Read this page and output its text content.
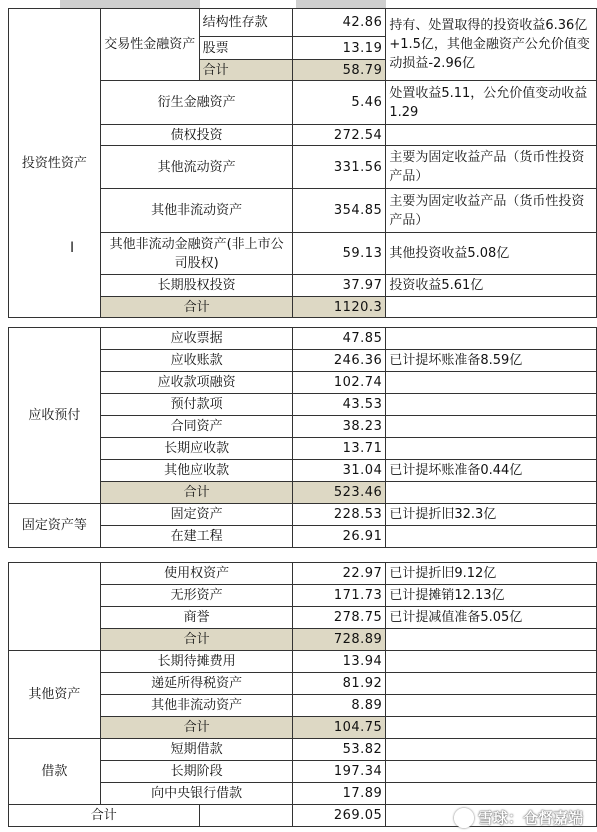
投资性资产	交易性金融资产	结构性存款	42.86	持有、处置取得的投资收益6.36亿+1.5亿，其他金融资产公允价值变动损益-2.96亿
		股票	13.19	
		合计	58.79	
	衍生金融资产		5.46	处置收益5.11，公允价值变动收益1.29
	债权投资		272.54	
	其他流动资产		331.56	主要为固定收益产品（货币性投资产品）
	其他非流动资产		354.85	主要为固定收益产品（货币性投资产品）
	其他非流动金融资产(非上市公司股权)		59.13	其他投资收益5.08亿
	长期股权投资		37.97	投资收益5.61亿
	合计		1120.3	
应收预付	应收票据	47.85	
	应收账款	246.36	已计提坏账准备8.59亿
	应收款项融资	102.74	
	预付款项	43.53	
	合同资产	38.23	
	长期应收款	13.71	
	其他应收款	31.04	已计提坏账准备0.44亿
	合计	523.46	
固定资产等	固定资产	228.53	已计提折旧32.3亿
	在建工程	26.91	
	使用权资产		22.97	已计提折旧9.12亿
	无形资产		171.73	已计提摊销12.13亿
	商誉		278.75	已计提减值准备5.05亿
	合计		728.89	
其他资产	长期待摊费用		13.94	
	递延所得税资产		81.92	
	其他非流动资产		8.89	
	合计		104.75	
借款	短期借款		53.82	
	长期阶段		197.34	
	向中央银行借款		17.89	
合计			269.05	
I
雪球：仓督嘉端
